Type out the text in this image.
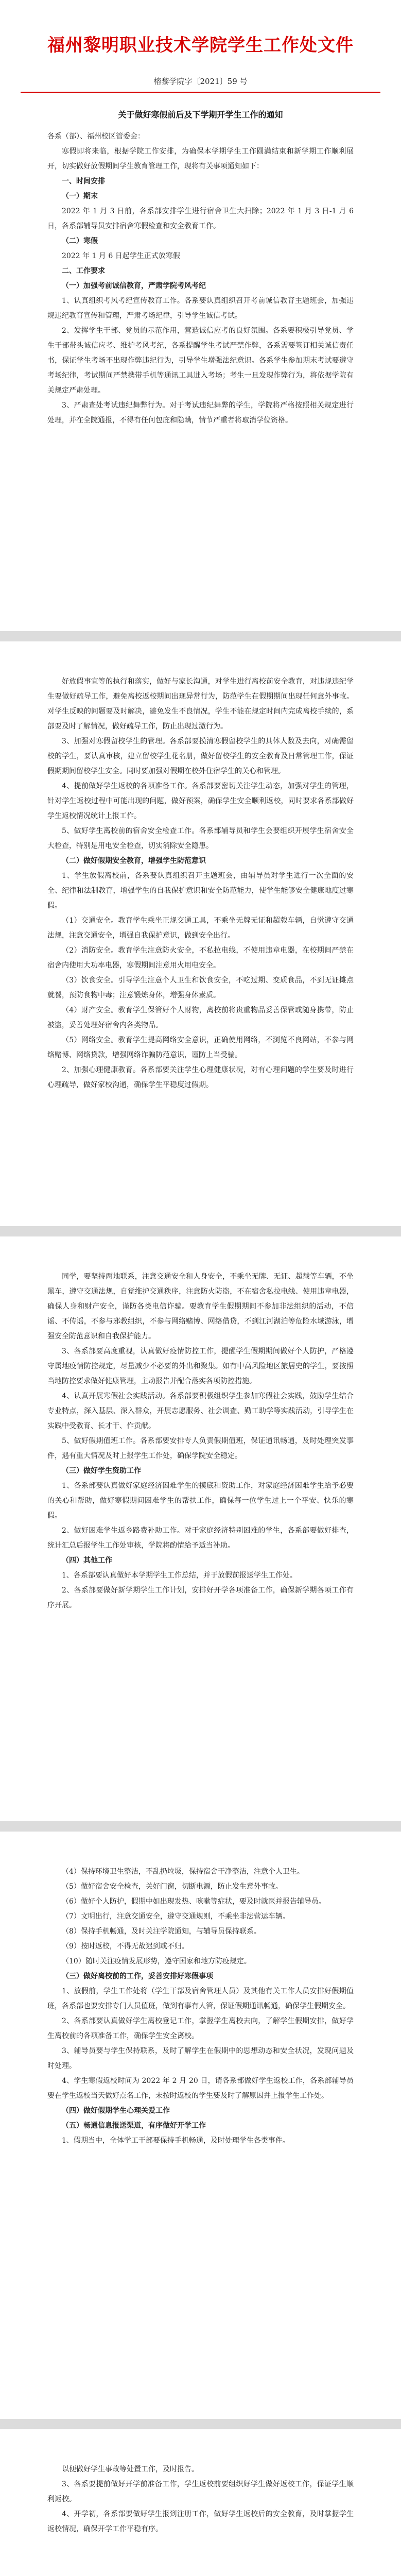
福州黎明职业技术学院学生工作处文件
榕黎学院字〔2021〕59 号
关于做好寒假前后及下学期开学生工作的通知

各系（部）、福州校区管委会：

寒假即将来临，根据学院工作安排，为确保本学期学生工作圆满结束和新学期工作顺利展开，切实做好放假期间学生教育管理工作，现将有关事项通知如下：

一、时间安排

（一）期末

2022 年 1 月 3 日前，各系部安排学生进行宿舍卫生大扫除；2022 年 1 月 3 日-1 月 6 日，各系部辅导员安排宿舍寒假检查和安全教育工作。

（二）寒假

2022 年 1 月 6 日起学生正式放寒假

二、工作要求

（一）加强考前诚信教育，严肃学院考风考纪

1、认真组织考风考纪宣传教育工作。各系要认真组织召开考前诚信教育主题班会，加强违规违纪教育宣传和管理，严肃考场纪律，引导学生诚信考试。

2、发挥学生干部、党员的示范作用，营造诚信应考的良好氛围。各系要积极引导党员、学生干部带头诚信应考、维护考风考纪，各系提醒学生考试严禁作弊，各系需要签订相关诚信责任书，保证学生考场不出现作弊违纪行为，引导学生增强法纪意识。各系学生参加期末考试要遵守考场纪律，考试期间严禁携带手机等通讯工具进入考场；考生一旦发现作弊行为，将依据学院有关规定严肃处理。

3、严肃查处考试违纪舞弊行为。对于考试违纪舞弊的学生，学院将严格按照相关规定进行处理，并在全院通报，不得有任何包庇和隐瞒，情节严重者将取消学位资格。

好放假事宜等的执行和落实，做好与家长沟通，对学生进行离校前安全教育，对违规违纪学生要做好疏导工作，避免离校返校期间出现异常行为，防范学生在假期期间出现任何意外事故。对学生反映的问题要及时解决，避免发生不良情况，学生不能在规定时间内完成离校手续的，系部要及时了解情况，做好疏导工作，防止出现过激行为。

3、加强对寒假留校学生的管理。各系部要摸清寒假留校学生的具体人数及去向，对确需留校的学生，要认真审核，建立留校学生花名册，做好留校学生的安全教育及日常管理工作，保证假期期间留校学生安全。同时要加强对假期在校外住宿学生的关心和管理。

4、提前做好学生返校的各项准备工作。各系部要密切关注学生动态，加强对学生的管理，针对学生返校过程中可能出现的问题，做好预案，确保学生安全顺利返校，同时要求各系部做好学生返校情况统计上报工作。

5、做好学生离校前的宿舍安全检查工作。各系部辅导员和学生会要组织开展学生宿舍安全大检查，特别是用电安全检查，切实消除安全隐患。

（二）做好假期安全教育，增强学生防范意识

1、学生放假离校前，各系要认真组织召开主题班会，由辅导员对学生进行一次全面的安全、纪律和法制教育，增强学生的自我保护意识和安全防范能力，使学生能够安全健康地度过寒假。

（1）交通安全。教育学生乘坐正规交通工具，不乘坐无牌无证和超载车辆，自觉遵守交通法规，注意交通安全，增强自我保护意识，做到安全出行。

（2）消防安全。教育学生注意防火安全，不私拉电线，不使用违章电器，在校期间严禁在宿舍内使用大功率电器，寒假期间注意用火用电安全。

（3）饮食安全。引导学生注意个人卫生和饮食安全，不吃过期、变质食品，不到无证摊点就餐，预防食物中毒；注意锻炼身体，增强身体素质。

（4）财产安全。教育学生保管好个人财物，离校前将贵重物品妥善保管或随身携带，防止被盗，妥善处理好宿舍内各类物品。

（5）网络安全。教育学生提高网络安全意识，正确使用网络，不浏览不良网站，不参与网络赌博、网络贷款，增强网络诈骗防范意识，谨防上当受骗。

2、加强心理健康教育。各系部要关注学生心理健康状况，对有心理问题的学生要及时进行心理疏导，做好家校沟通，确保学生平稳度过假期。

同学，要坚持两地联系，注意交通安全和人身安全，不乘坐无牌、无证、超载等车辆，不坐黑车，遵守交通法规，自觉维护交通秩序，注意防火防盗，不在宿舍私拉电线、使用违章电器，确保人身和财产安全，谨防各类电信诈骗。要教育学生假期期间不参加非法组织的活动，不信谣、不传谣，不参与邪教组织，不参与网络赌博、网络借贷，不到江河湖泊等危险水域游泳，增强安全防范意识和自我保护能力。

3、各系部要高度重视，认真做好疫情防控工作，提醒学生假期期间做好个人防护，严格遵守属地疫情防控规定，尽量减少不必要的外出和聚集。如有中高风险地区旅居史的学生，要按照当地防控要求做好健康管理，主动报告并配合落实各项防控措施。

4、认真开展寒假社会实践活动。各系部要积极组织学生参加寒假社会实践，鼓励学生结合专业特点，深入基层、深入群众，开展志愿服务、社会调查、勤工助学等实践活动，引导学生在实践中受教育、长才干、作贡献。

5、做好假期值班工作。各系部要安排专人负责假期值班，保证通讯畅通，及时处理突发事件，遇有重大情况及时上报学生工作处，确保学院安全稳定。

（三）做好学生资助工作

1、各系部要认真做好家庭经济困难学生的摸底和资助工作，对家庭经济困难学生给予必要的关心和帮助，做好寒假期间困难学生的帮扶工作，确保每一位学生过上一个平安、快乐的寒假。

2、做好困难学生返乡路费补助工作。对于家庭经济特别困难的学生，各系部要做好排查，统计汇总后报学生工作处审核，学院将酌情给予适当补助。

（四）其他工作

1、各系部要认真做好本学期学生工作总结，并于放假前报送学生工作处。

2、各系部要做好新学期学生工作计划，安排好开学各项准备工作，确保新学期各项工作有序开展。

（4）保持环境卫生整洁，不乱扔垃圾，保持宿舍干净整洁，注意个人卫生。

（5）做好宿舍安全检查，关好门窗，切断电源，防止发生意外事故。

（6）做好个人防护，假期中如出现发热、咳嗽等症状，要及时就医并报告辅导员。

（7）文明出行，注意交通安全，遵守交通规则，不乘坐非法营运车辆。

（8）保持手机畅通，及时关注学院通知，与辅导员保持联系。

（9）按时返校，不得无故迟到或不归。

（10）随时关注疫情发展形势，遵守国家和地方防疫规定。

（三）做好离校前的工作，妥善安排好寒假事项

1、放假前，学生工作处将（学生干部及宿舍管理人员）及其他有关工作人员安排好假期值班，各系部也要安排专门人员值班，做到有事有人管，保证假期通讯畅通，确保学生假期安全。

2、各系部要认真做好学生离校登记工作，掌握学生离校去向，了解学生假期安排，做好学生离校前的各项准备工作，确保学生安全离校。

3、辅导员要与学生保持联系，及时了解学生在假期中的思想动态和安全状况，发现问题及时处理。

4、学生寒假返校时间为 2022 年 2 月 20 日，请各系部做好学生返校工作，各系部辅导员要在学生返校当天做好点名工作，未按时返校的学生要及时了解原因并上报学生工作处。

（四）做好假期学生心理关爱工作

（五）畅通信息报送渠道，有序做好开学工作

1、假期当中，全体学工干部要保持手机畅通，及时处理学生各类事件。

以便做好学生事故等处置工作，及时报告。

3、各系要提前做好开学前准备工作，学生返校前要组织好学生做好返校工作，保证学生顺利返校。

4、开学初，各系部要做好学生报到注册工作，做好学生返校后的安全教育，及时掌握学生返校情况，确保开学工作平稳有序。
